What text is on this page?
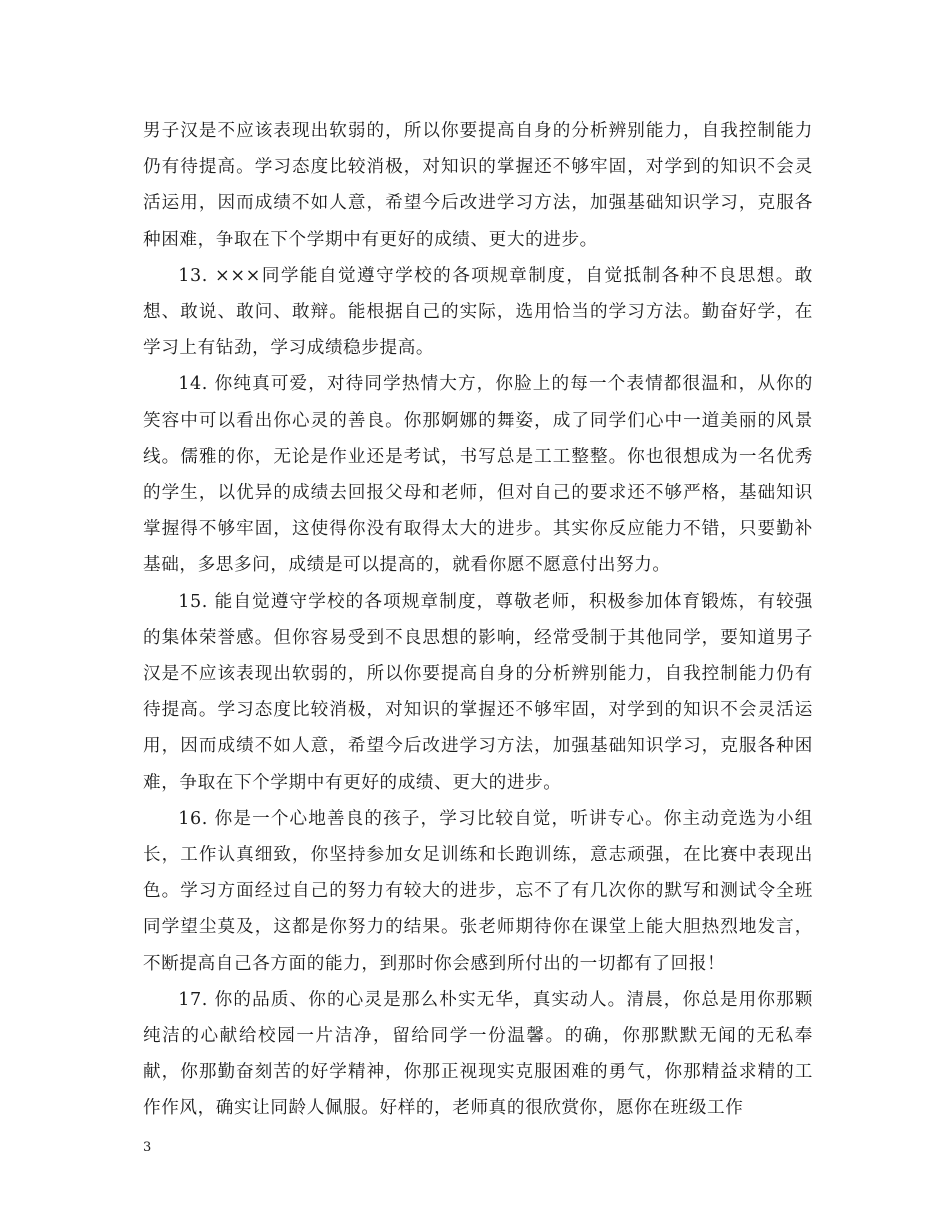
男子汉是不应该表现出软弱的，所以你要提高自身的分析辨别能力，自我控制能力仍有待提高。学习态度比较消极，对知识的掌握还不够牢固，对学到的知识不会灵活运用，因而成绩不如人意，希望今后改进学习方法，加强基础知识学习，克服各种困难，争取在下个学期中有更好的成绩、更大的进步。

13. ×××同学能自觉遵守学校的各项规章制度，自觉抵制各种不良思想。敢想、敢说、敢问、敢辩。能根据自己的实际，选用恰当的学习方法。勤奋好学，在学习上有钻劲，学习成绩稳步提高。

14. 你纯真可爱，对待同学热情大方，你脸上的每一个表情都很温和，从你的笑容中可以看出你心灵的善良。你那婀娜的舞姿，成了同学们心中一道美丽的风景线。儒雅的你，无论是作业还是考试，书写总是工工整整。你也很想成为一名优秀的学生，以优异的成绩去回报父母和老师，但对自己的要求还不够严格，基础知识掌握得不够牢固，这使得你没有取得太大的进步。其实你反应能力不错，只要勤补基础，多思多问，成绩是可以提高的，就看你愿不愿意付出努力。

15. 能自觉遵守学校的各项规章制度，尊敬老师，积极参加体育锻炼，有较强的集体荣誉感。但你容易受到不良思想的影响，经常受制于其他同学，要知道男子汉是不应该表现出软弱的，所以你要提高自身的分析辨别能力，自我控制能力仍有待提高。学习态度比较消极，对知识的掌握还不够牢固，对学到的知识不会灵活运用，因而成绩不如人意，希望今后改进学习方法，加强基础知识学习，克服各种困难，争取在下个学期中有更好的成绩、更大的进步。

16. 你是一个心地善良的孩子，学习比较自觉，听讲专心。你主动竞选为小组长，工作认真细致，你坚持参加女足训练和长跑训练，意志顽强，在比赛中表现出色。学习方面经过自己的努力有较大的进步，忘不了有几次你的默写和测试令全班同学望尘莫及，这都是你努力的结果。张老师期待你在课堂上能大胆热烈地发言，不断提高自己各方面的能力，到那时你会感到所付出的一切都有了回报！

17. 你的品质、你的心灵是那么朴实无华，真实动人。清晨，你总是用你那颗纯洁的心献给校园一片洁净，留给同学一份温馨。的确，你那默默无闻的无私奉献，你那勤奋刻苦的好学精神，你那正视现实克服困难的勇气，你那精益求精的工作作风，确实让同龄人佩服。好样的，老师真的很欣赏你，愿你在班级工作

3
